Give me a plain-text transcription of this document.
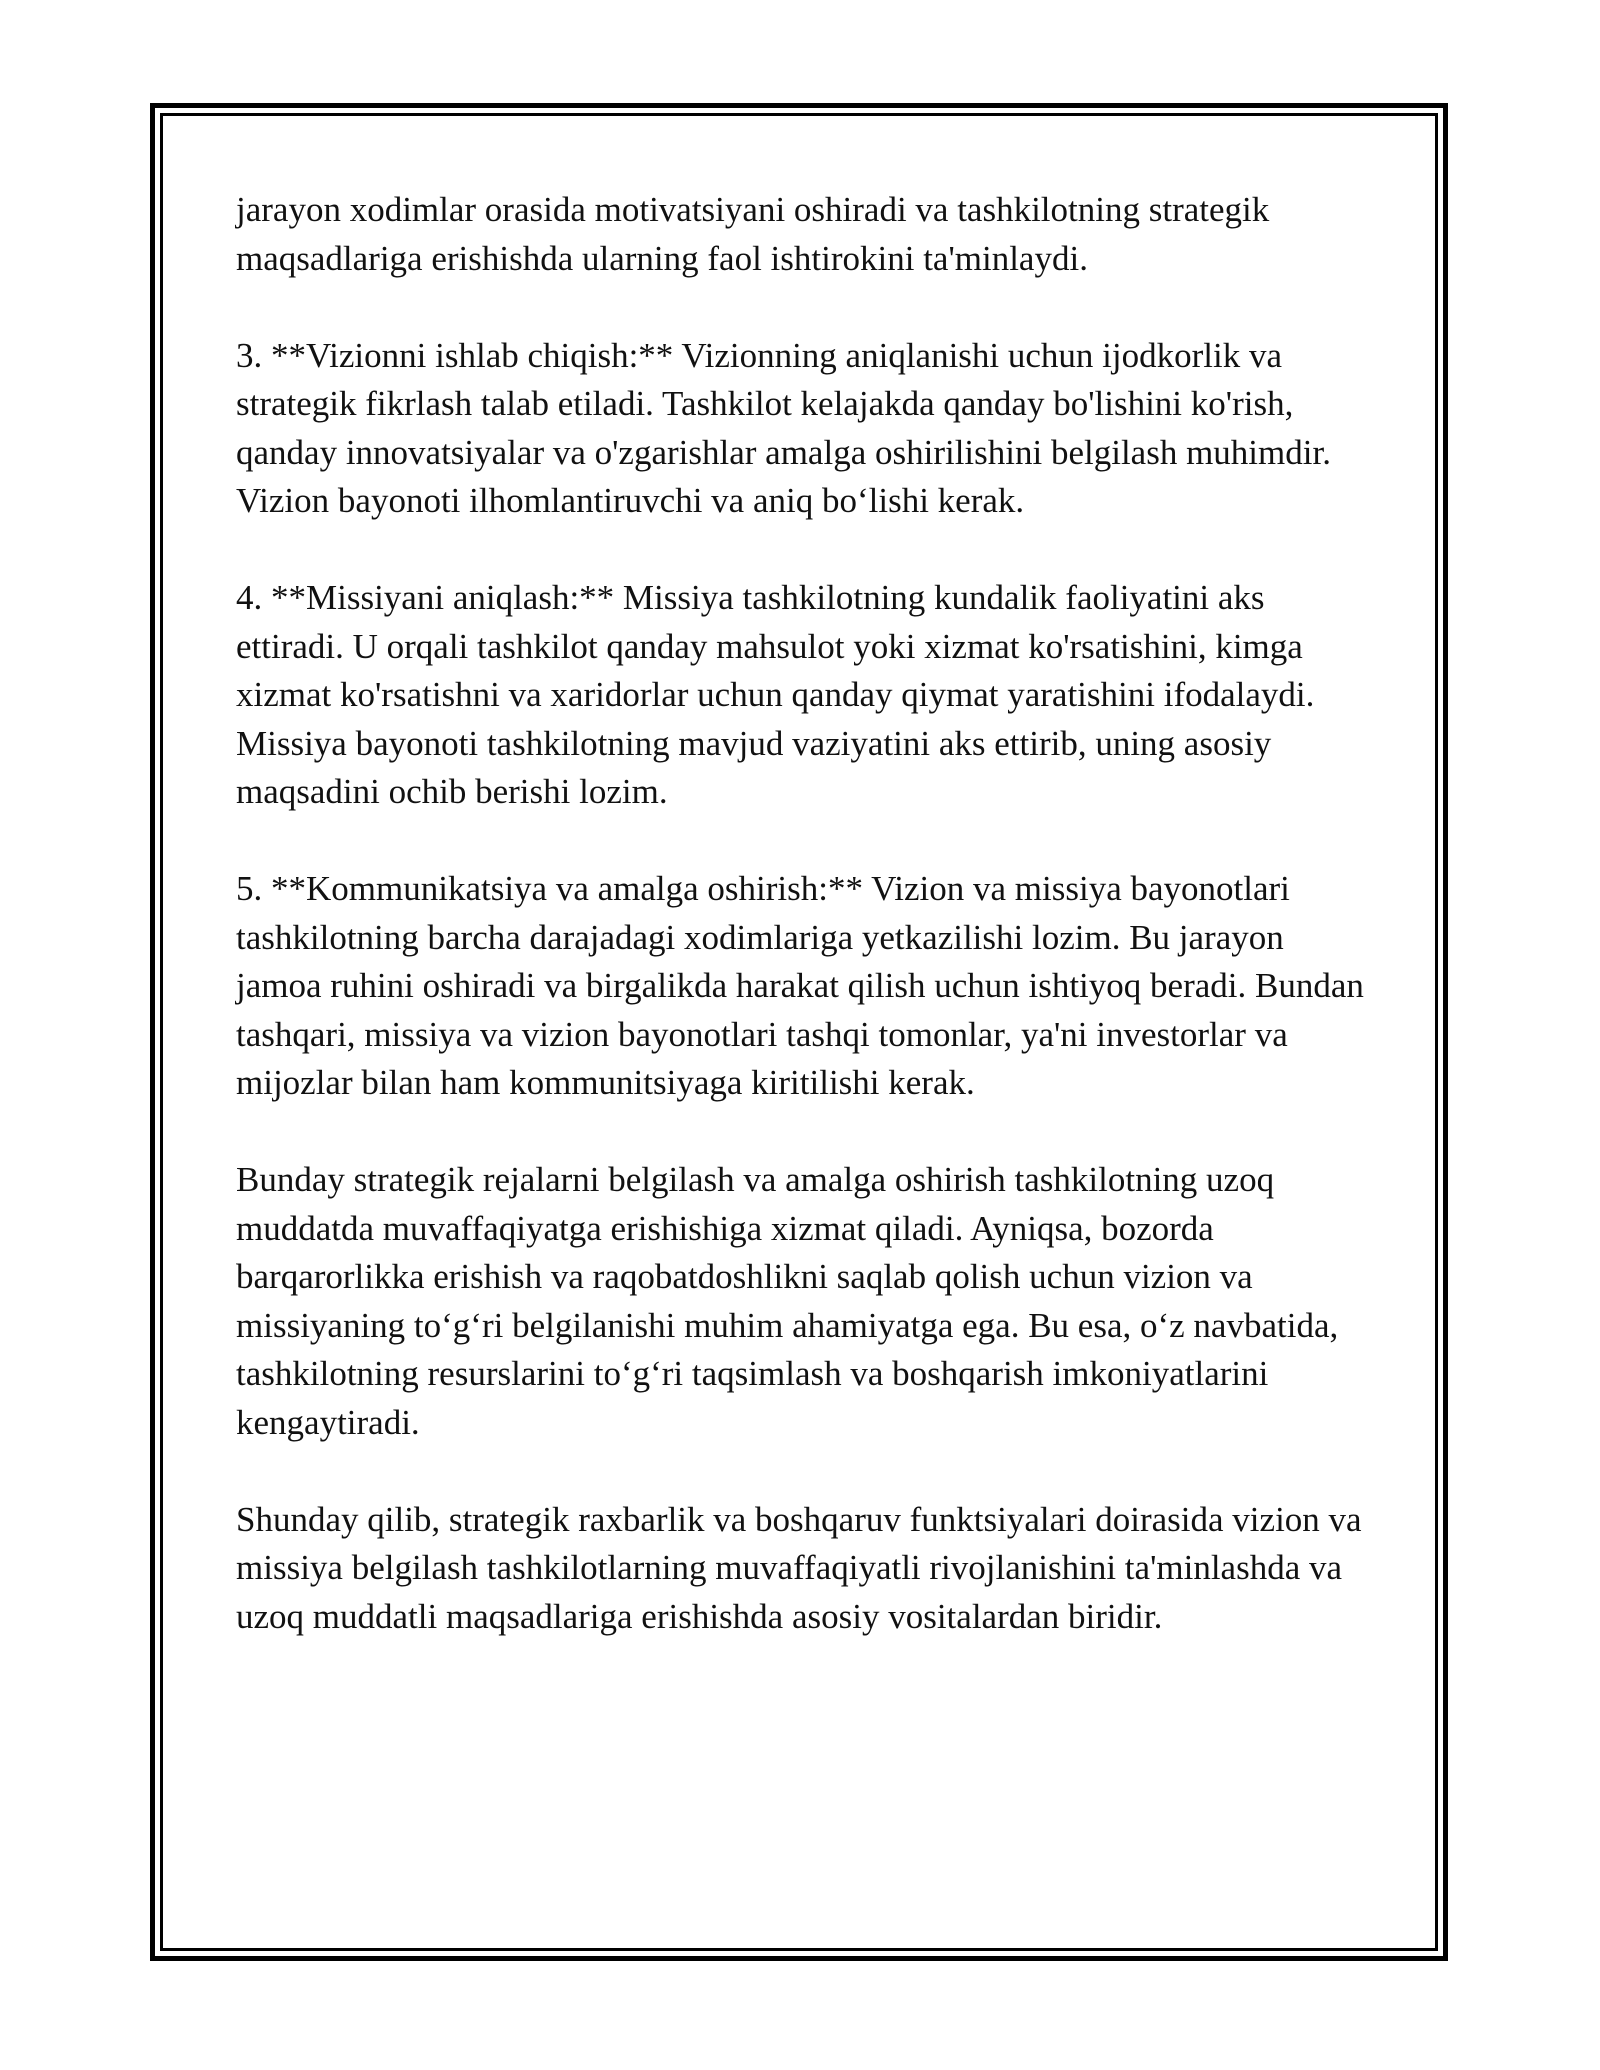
jarayon xodimlar orasida motivatsiyani oshiradi va tashkilotning strategik maqsadlariga erishishda ularning faol ishtirokini ta'minlaydi.

3. **Vizionni ishlab chiqish:** Vizionning aniqlanishi uchun ijodkorlik va strategik fikrlash talab etiladi. Tashkilot kelajakda qanday bo'lishini ko'rish, qanday innovatsiyalar va o'zgarishlar amalga oshirilishini belgilash muhimdir. Vizion bayonoti ilhomlantiruvchi va aniq bo‘lishi kerak.

4. **Missiyani aniqlash:** Missiya tashkilotning kundalik faoliyatini aks ettiradi. U orqali tashkilot qanday mahsulot yoki xizmat ko'rsatishini, kimga xizmat ko'rsatishni va xaridorlar uchun qanday qiymat yaratishini ifodalaydi. Missiya bayonoti tashkilotning mavjud vaziyatini aks ettirib, uning asosiy maqsadini ochib berishi lozim.

5. **Kommunikatsiya va amalga oshirish:** Vizion va missiya bayonotlari tashkilotning barcha darajadagi xodimlariga yetkazilishi lozim. Bu jarayon jamoa ruhini oshiradi va birgalikda harakat qilish uchun ishtiyoq beradi. Bundan tashqari, missiya va vizion bayonotlari tashqi tomonlar, ya'ni investorlar va mijozlar bilan ham kommunitsiyaga kiritilishi kerak.

Bunday strategik rejalarni belgilash va amalga oshirish tashkilotning uzoq muddatda muvaffaqiyatga erishishiga xizmat qiladi. Ayniqsa, bozorda barqarorlikka erishish va raqobatdoshlikni saqlab qolish uchun vizion va missiyaning to‘g‘ri belgilanishi muhim ahamiyatga ega. Bu esa, o‘z navbatida, tashkilotning resurslarini to‘g‘ri taqsimlash va boshqarish imkoniyatlarini kengaytiradi.

Shunday qilib, strategik raxbarlik va boshqaruv funktsiyalari doirasida vizion va missiya belgilash tashkilotlarning muvaffaqiyatli rivojlanishini ta'minlashda va uzoq muddatli maqsadlariga erishishda asosiy vositalardan biridir.
